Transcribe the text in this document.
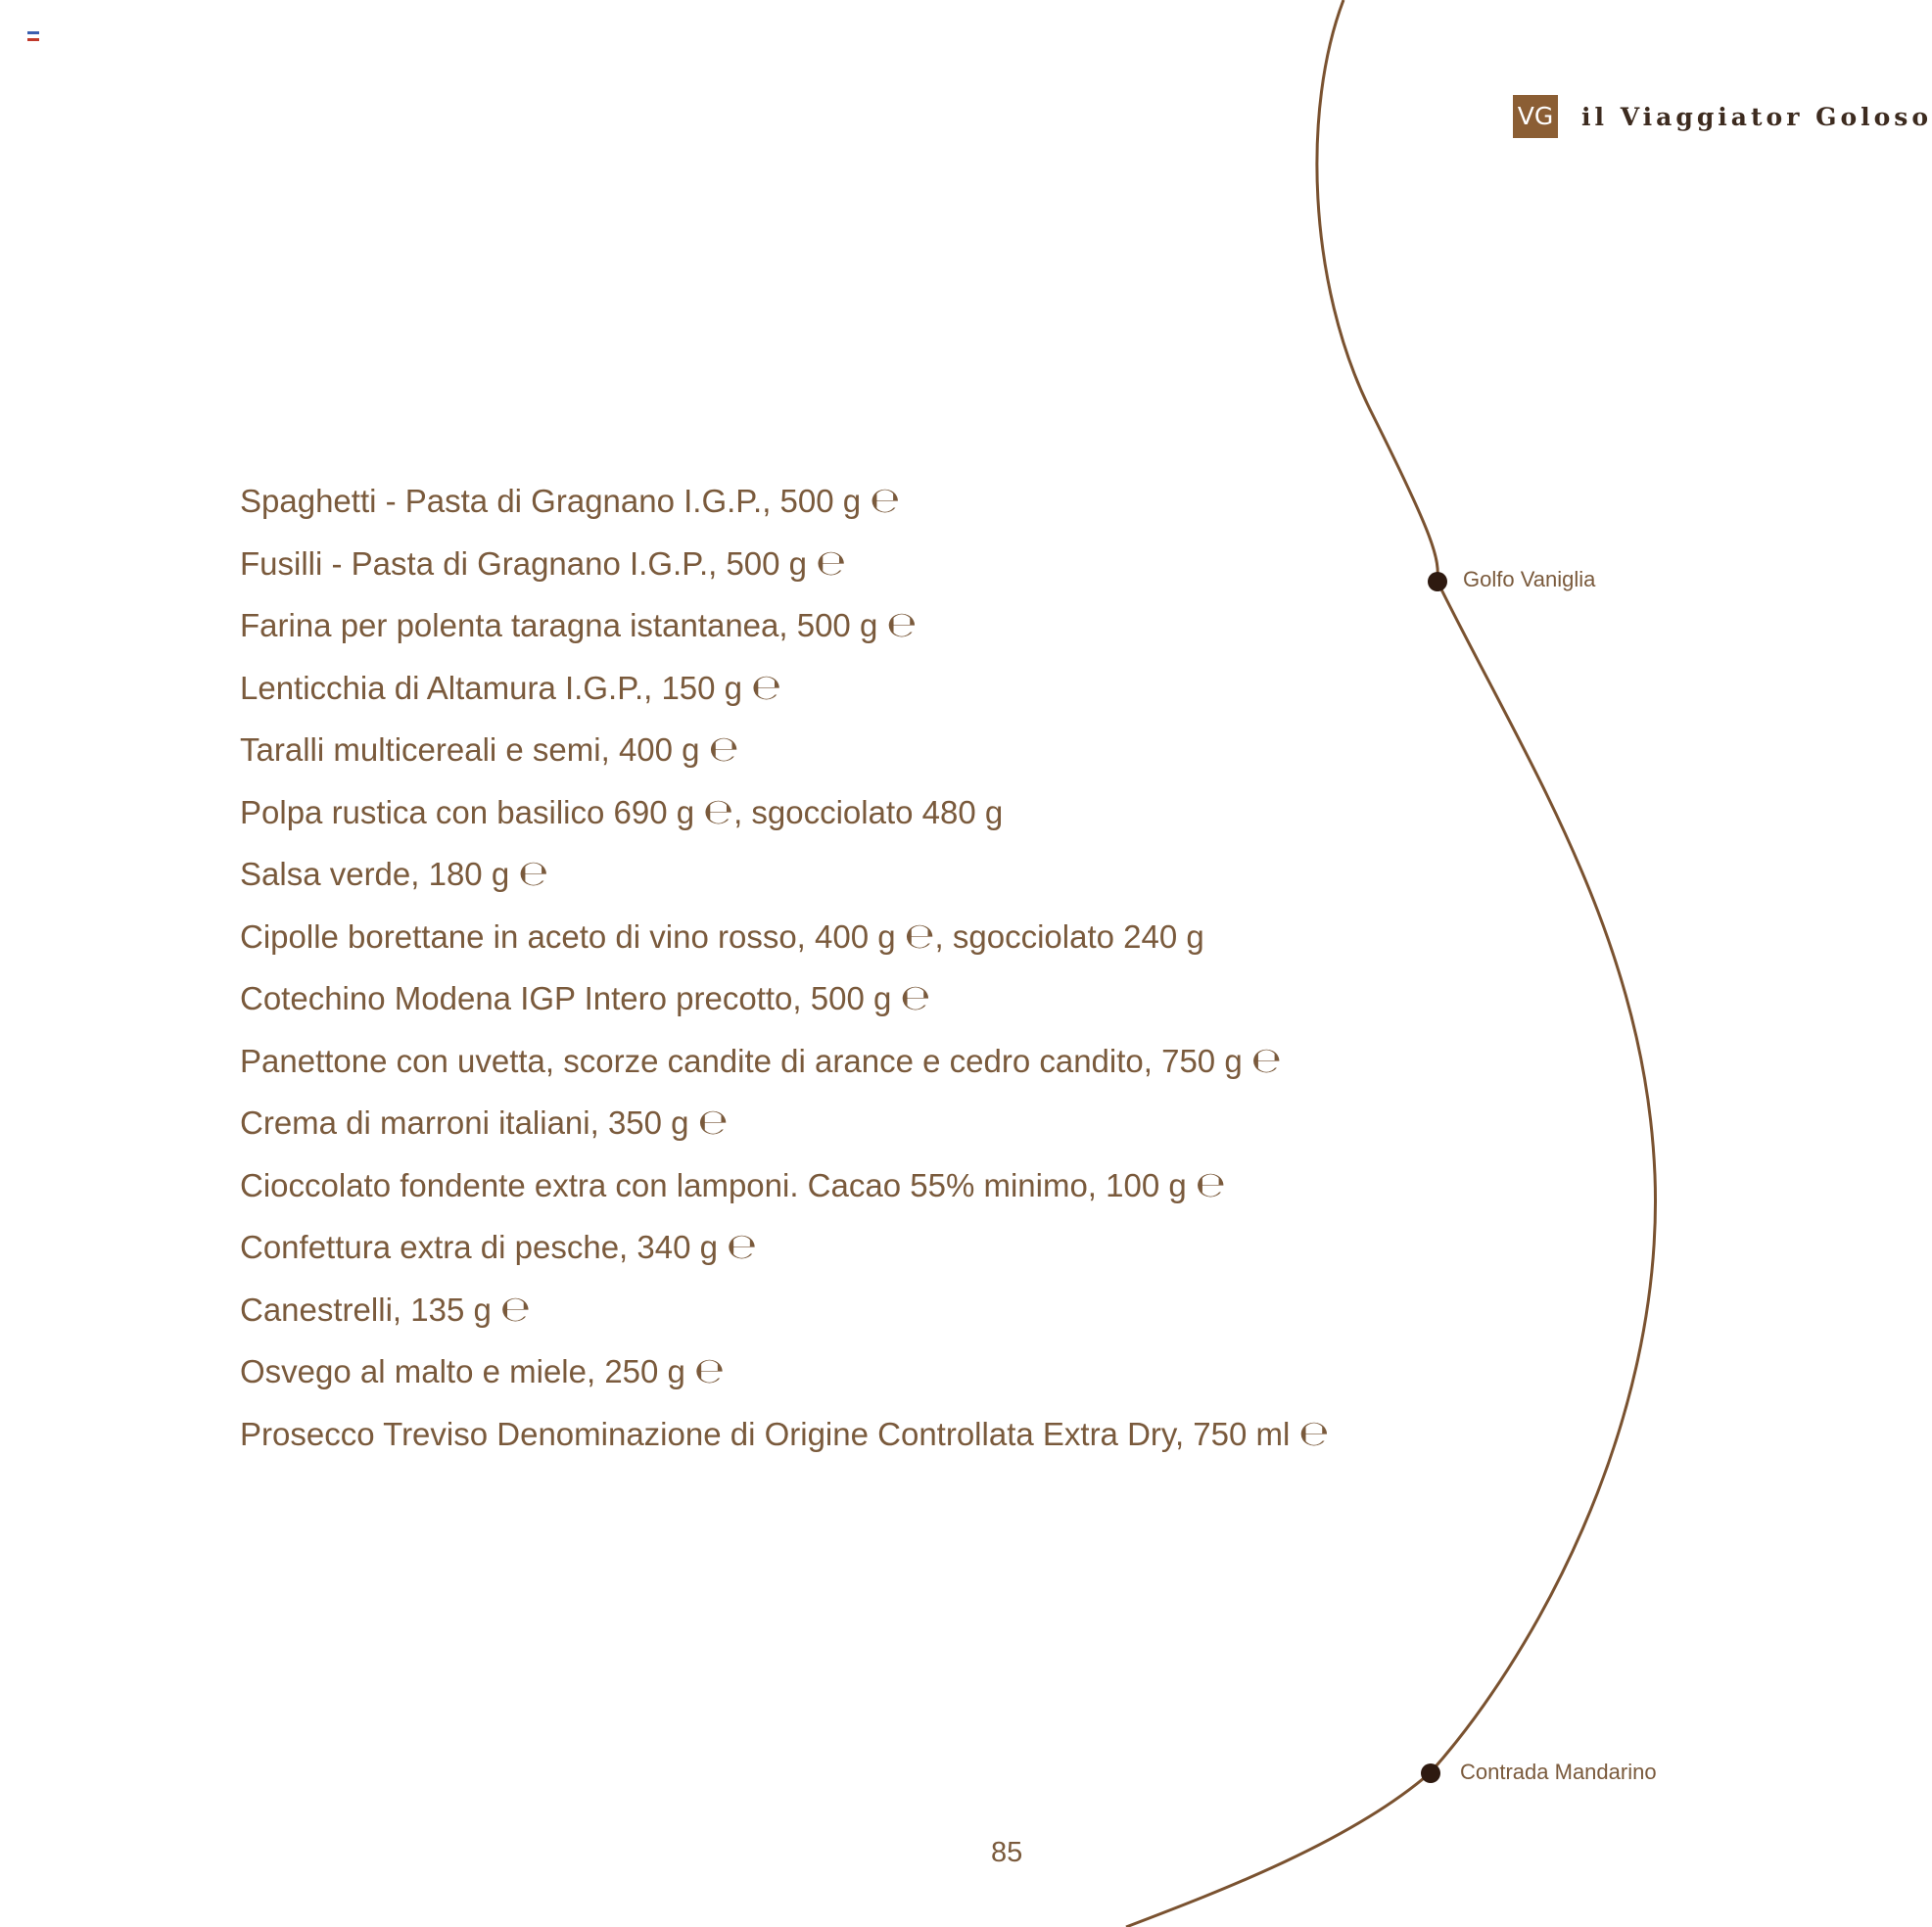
VG il Viaggiator Goloso
Spaghetti - Pasta di Gragnano I.G.P., 500 g ℮
Fusilli - Pasta di Gragnano I.G.P., 500 g ℮
Farina per polenta taragna istantanea, 500 g ℮
Lenticchia di Altamura I.G.P., 150 g ℮
Taralli multicereali e semi, 400 g ℮
Polpa rustica con basilico 690 g ℮, sgocciolato 480 g
Salsa verde, 180 g ℮
Cipolle borettane in aceto di vino rosso, 400 g ℮, sgocciolato 240 g
Cotechino Modena IGP Intero precotto, 500 g ℮
Panettone con uvetta, scorze candite di arance e cedro candito, 750 g ℮
Crema di marroni italiani, 350 g ℮
Cioccolato fondente extra con lamponi. Cacao 55% minimo, 100 g ℮
Confettura extra di pesche, 340 g ℮
Canestrelli, 135 g ℮
Osvego al malto e miele, 250 g ℮
Prosecco Treviso Denominazione di Origine Controllata Extra Dry, 750 ml ℮
Golfo Vaniglia
Contrada Mandarino
85
